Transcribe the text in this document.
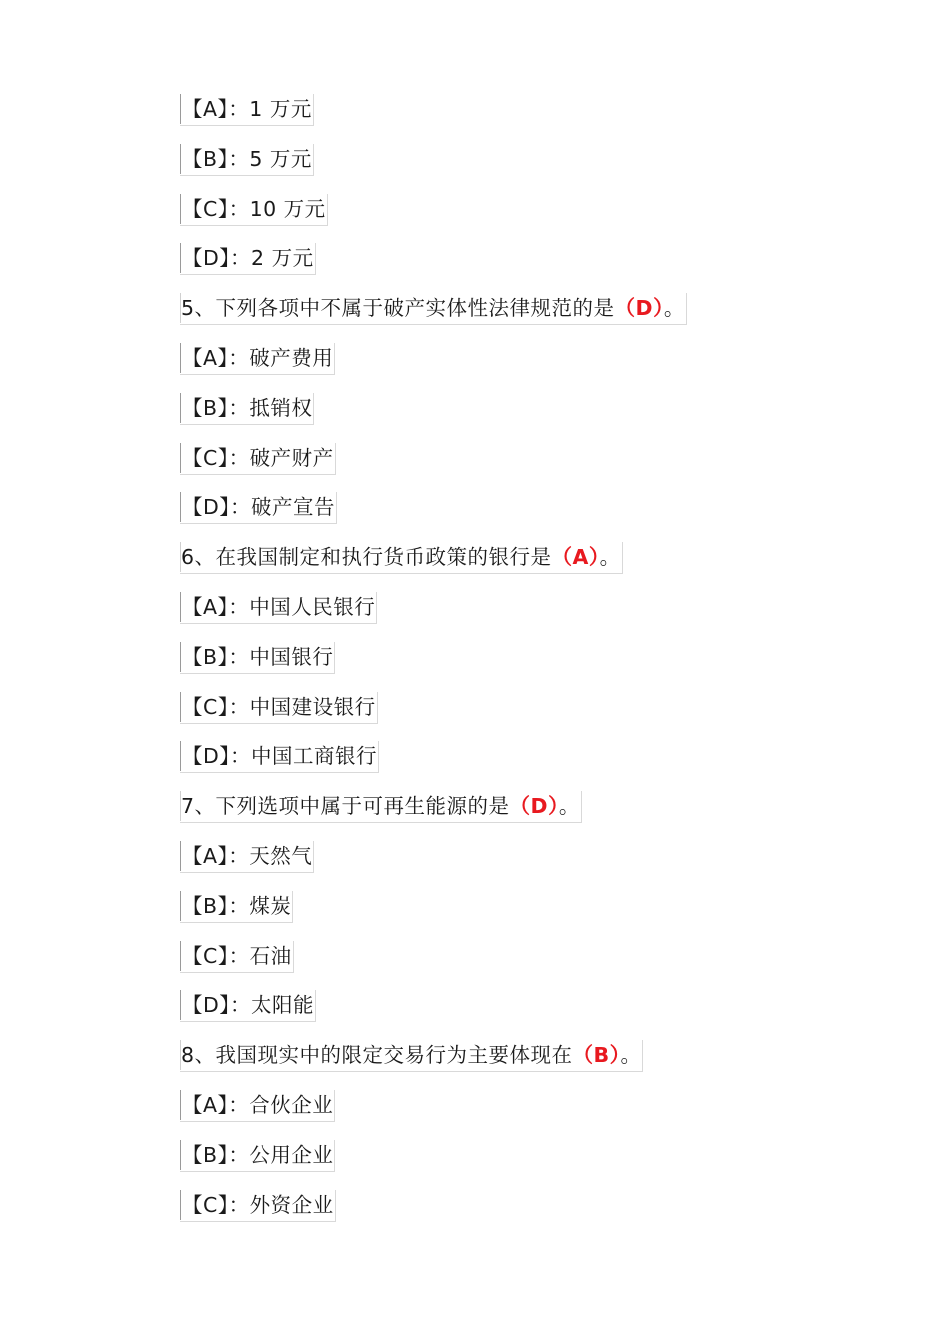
【A】：1 万元
【B】：5 万元
【C】：10 万元
【D】：2 万元
5、下列各项中不属于破产实体性法律规范的是（D）。
【A】：破产费用
【B】：抵销权
【C】：破产财产
【D】：破产宣告
6、在我国制定和执行货币政策的银行是（A）。
【A】：中国人民银行
【B】：中国银行
【C】：中国建设银行
【D】：中国工商银行
7、下列选项中属于可再生能源的是（D）。
【A】：天然气
【B】：煤炭
【C】：石油
【D】：太阳能
8、我国现实中的限定交易行为主要体现在（B）。
【A】：合伙企业
【B】：公用企业
【C】：外资企业
